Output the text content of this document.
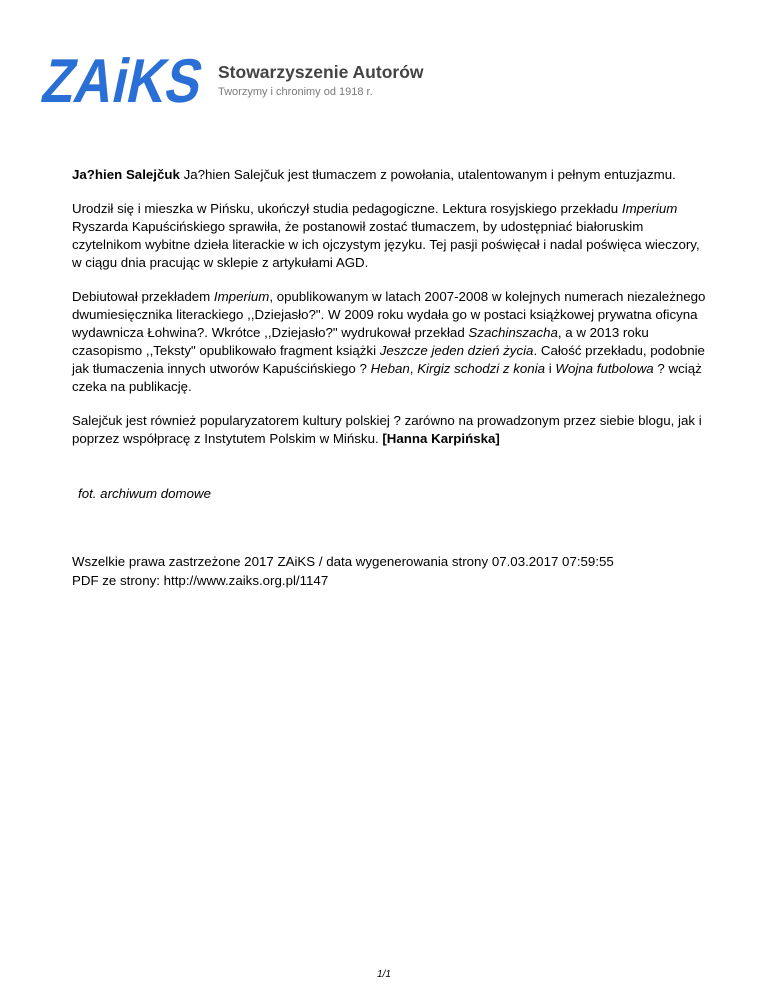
ZAiKS
Stowarzyszenie Autorów
Tworzymy i chronimy od 1918 r.

Ja?hien Salejčuk Ja?hien Salejčuk jest tłumaczem z powołania, utalentowanym i pełnym entuzjazmu.

Urodził się i mieszka w Pińsku, ukończył studia pedagogiczne. Lektura rosyjskiego przekładu Imperium Ryszarda Kapuścińskiego sprawiła, że postanowił zostać tłumaczem, by udostępniać białoruskim czytelnikom wybitne dzieła literackie w ich ojczystym języku. Tej pasji poświęcał i nadal poświęca wieczory, w ciągu dnia pracując w sklepie z artykułami AGD.

Debiutował przekładem Imperium, opublikowanym w latach 2007-2008 w kolejnych numerach niezależnego dwumiesięcznika literackiego ,,Dziejasło?". W 2009 roku wydała go w postaci książkowej prywatna oficyna wydawnicza Łohwina?. Wkrótce ,,Dziejasło?" wydrukował przekład Szachinszacha, a w 2013 roku czasopismo ,,Teksty" opublikowało fragment książki Jeszcze jeden dzień życia. Całość przekładu, podobnie jak tłumaczenia innych utworów Kapuścińskiego ? Heban, Kirgiz schodzi z konia i Wojna futbolowa ? wciąż czeka na publikację.

Salejčuk jest również popularyzatorem kultury polskiej ? zarówno na prowadzonym przez siebie blogu, jak i poprzez współpracę z Instytutem Polskim w Mińsku. [Hanna Karpińska]

fot. archiwum domowe
Wszelkie prawa zastrzeżone 2017 ZAiKS / data wygenerowania strony 07.03.2017 07:59:55
PDF ze strony: http://www.zaiks.org.pl/1147
1/1
